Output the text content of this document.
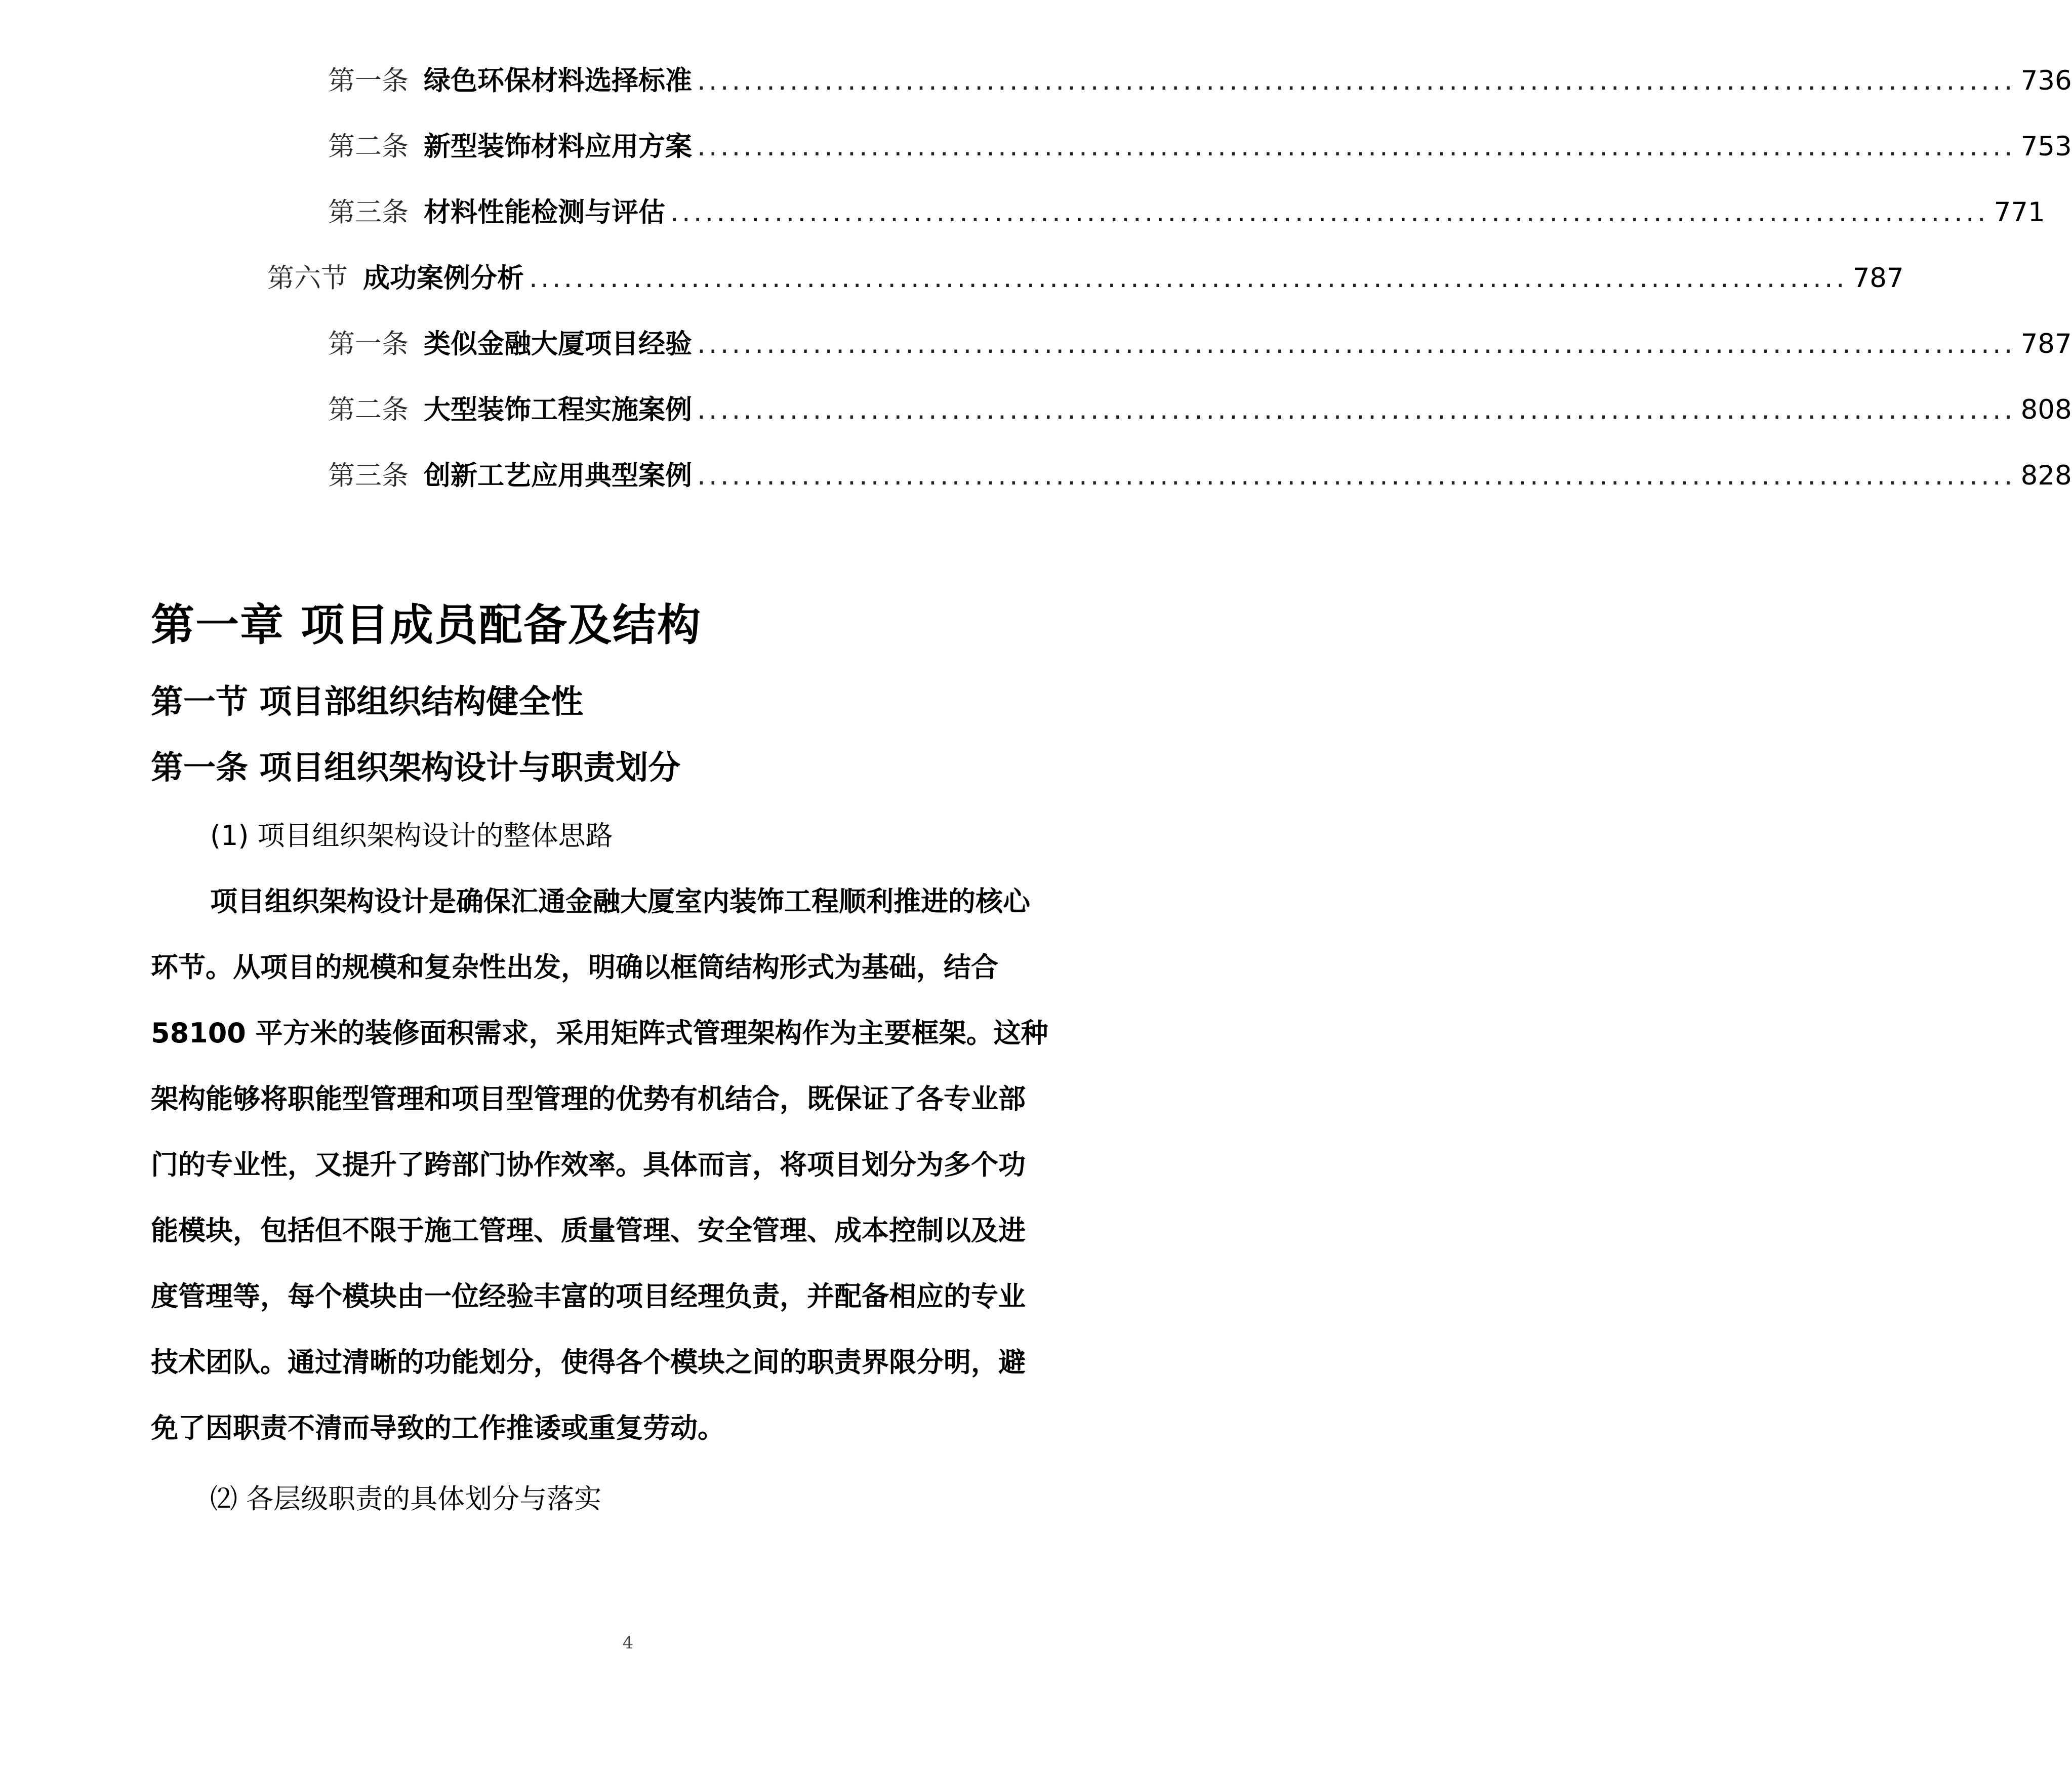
第一条 绿色环保材料选择标准 .................................................................................................................. 736
第二条 新型装饰材料应用方案 .................................................................................................................. 753
第三条 材料性能检测与评估 .................................................................................................................. 771
第六节 成功案例分析 .................................................................................................................. 787
第一条 类似金融大厦项目经验 .................................................................................................................. 787
第二条 大型装饰工程实施案例 .................................................................................................................. 808
第三条 创新工艺应用典型案例 .................................................................................................................. 828
第一章 项目成员配备及结构
第一节 项目部组织结构健全性
第一条 项目组织架构设计与职责划分

(1) 项目组织架构设计的整体思路

项目组织架构设计是确保汇通金融大厦室内装饰工程顺利推进的核心

环节。从项目的规模和复杂性出发，明确以框筒结构形式为基础，结合

58100 平方米的装修面积需求，采用矩阵式管理架构作为主要框架。这种

架构能够将职能型管理和项目型管理的优势有机结合，既保证了各专业部

门的专业性，又提升了跨部门协作效率。具体而言，将项目划分为多个功

能模块，包括但不限于施工管理、质量管理、安全管理、成本控制以及进

度管理等，每个模块由一位经验丰富的项目经理负责，并配备相应的专业

技术团队。通过清晰的功能划分，使得各个模块之间的职责界限分明，避

免了因职责不清而导致的工作推诿或重复劳动。

⑵ 各层级职责的具体划分与落实

4
